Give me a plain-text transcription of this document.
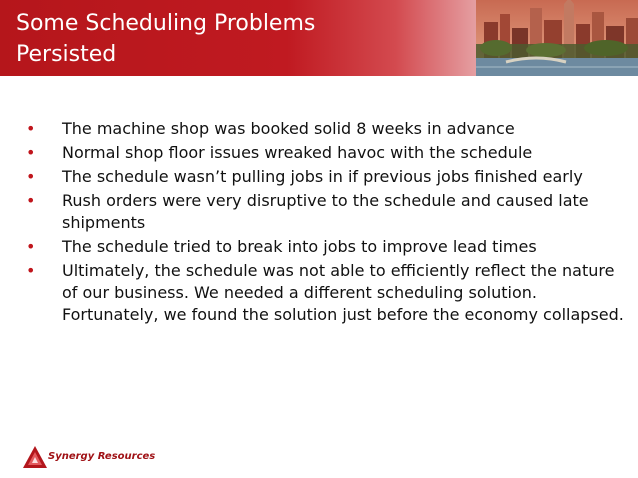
Some Scheduling Problems
Persisted
• The machine shop was booked solid 8 weeks in advance
• Normal shop floor issues wreaked havoc with the schedule
• The schedule wasn’t pulling jobs in if previous jobs finished early
• Rush orders were very disruptive to the schedule and caused late shipments
• The schedule tried to break into jobs to improve lead times
• Ultimately, the schedule was not able to efficiently reflect the nature of our business. We needed a different scheduling solution. Fortunately, we found the solution just before the economy collapsed.
Synergy Resources
